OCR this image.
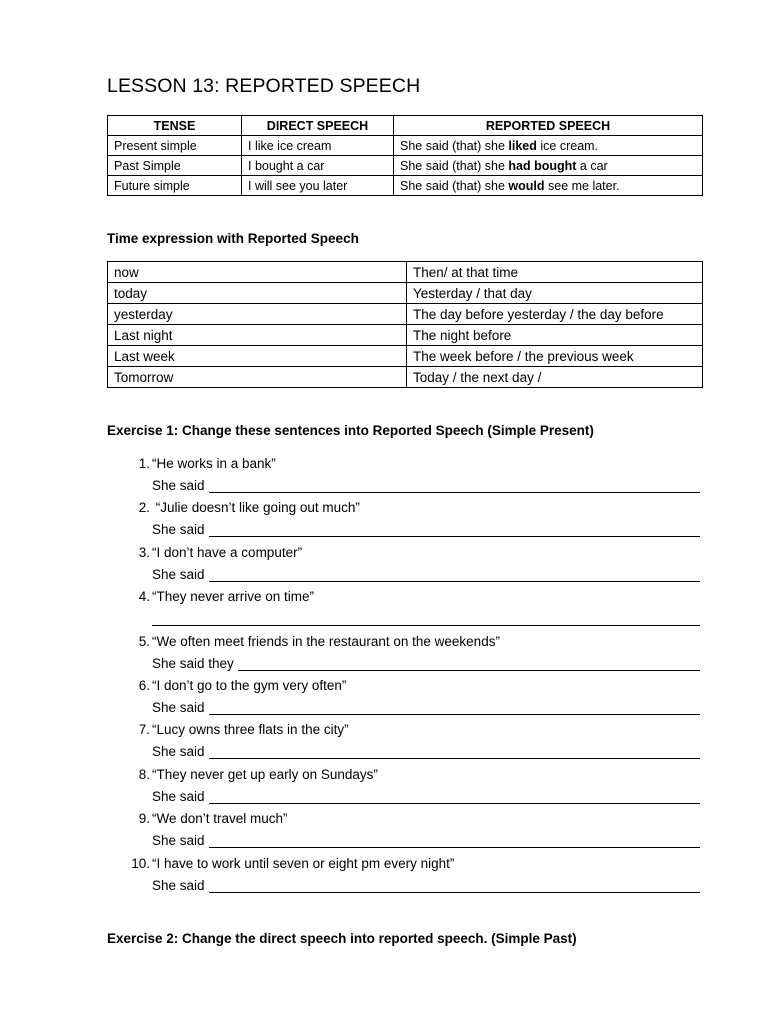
LESSON 13: REPORTED SPEECH
TENSE	DIRECT SPEECH	REPORTED SPEECH
Present simple	I like ice cream	She said (that) she liked ice cream.
Past Simple	I bought a car	She said (that) she had bought a car
Future simple	I will see you later	She said (that) she would see me later.
Time expression with Reported Speech
now	Then/ at that time
today	Yesterday / that day
yesterday	The day before yesterday / the day before
Last night	The night before
Last week	The week before / the previous week
Tomorrow	Today / the next day /
Exercise 1: Change these sentences into Reported Speech (Simple Present)
1. “He works in a bank”
She said
2. “Julie doesn’t like going out much”
She said
3. “I don’t have a computer”
She said
4. “They never arrive on time”
5. “We often meet friends in the restaurant on the weekends”
She said they
6. “I don’t go to the gym very often”
She said
7. “Lucy owns three flats in the city”
She said
8. “They never get up early on Sundays”
She said
9. “We don’t travel much”
She said
10. “I have to work until seven or eight pm every night”
She said
Exercise 2: Change the direct speech into reported speech. (Simple Past)
